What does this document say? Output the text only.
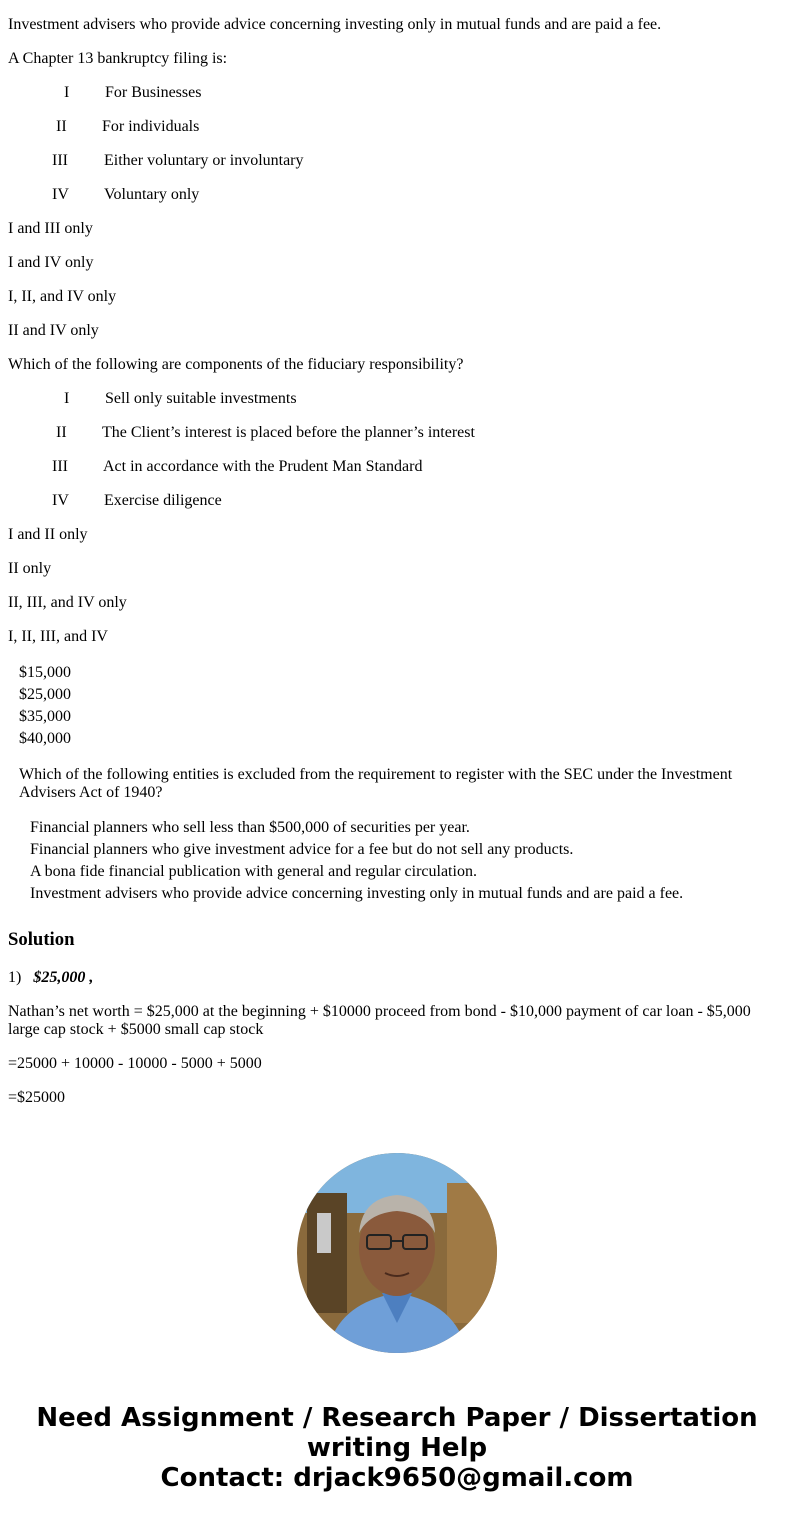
Investment advisers who provide advice concerning investing only in mutual funds and are paid a fee.

A Chapter 13 bankruptcy filing is:

I For Businesses
II For individuals
III Either voluntary or involuntary
IV Voluntary only

I and III only

I and IV only

I, II, and IV only

II and IV only

Which of the following are components of the fiduciary responsibility?

I Sell only suitable investments
II The Client’s interest is placed before the planner’s interest
III Act in accordance with the Prudent Man Standard
IV Exercise diligence

I and II only

II only

II, III, and IV only

I, II, III, and IV

$15,000
$25,000
$35,000
$40,000

Which of the following entities is excluded from the requirement to register with the SEC under the Investment Advisers Act of 1940?

Financial planners who sell less than $500,000 of securities per year.
Financial planners who give investment advice for a fee but do not sell any products.
A bona fide financial publication with general and regular circulation.
Investment advisers who provide advice concerning investing only in mutual funds and are paid a fee.
Solution

1) $25,000 ,

Nathan’s net worth = $25,000 at the beginning + $10000 proceed from bond - $10,000 payment of car loan - $5,000 large cap stock + $5000 small cap stock

=25000 + 10000 - 10000 - 5000 + 5000

=$25000

Need Assignment / Research Paper / Dissertation
writing Help
Contact: drjack9650@gmail.com
